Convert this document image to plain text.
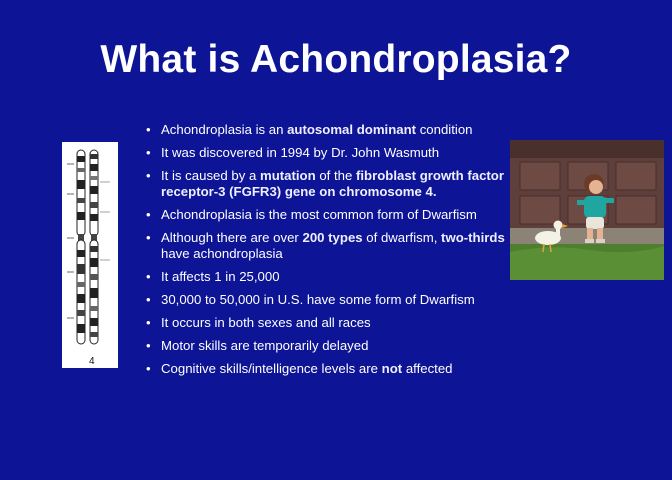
What is Achondroplasia?
• Achondroplasia is an autosomal dominant condition
• It was discovered in 1994 by Dr. John Wasmuth
• It is caused by a mutation of the fibroblast growth factor receptor-3 (FGFR3) gene on chromosome 4.
• Achondroplasia is the most common form of Dwarfism
• Although there are over 200 types of dwarfism, two-thirds have achondroplasia
• It affects 1 in 25,000
• 30,000 to 50,000 in U.S. have some form of Dwarfism
• It occurs in both sexes and all races
• Motor skills are temporarily delayed
• Cognitive skills/intelligence levels are not affected
4
